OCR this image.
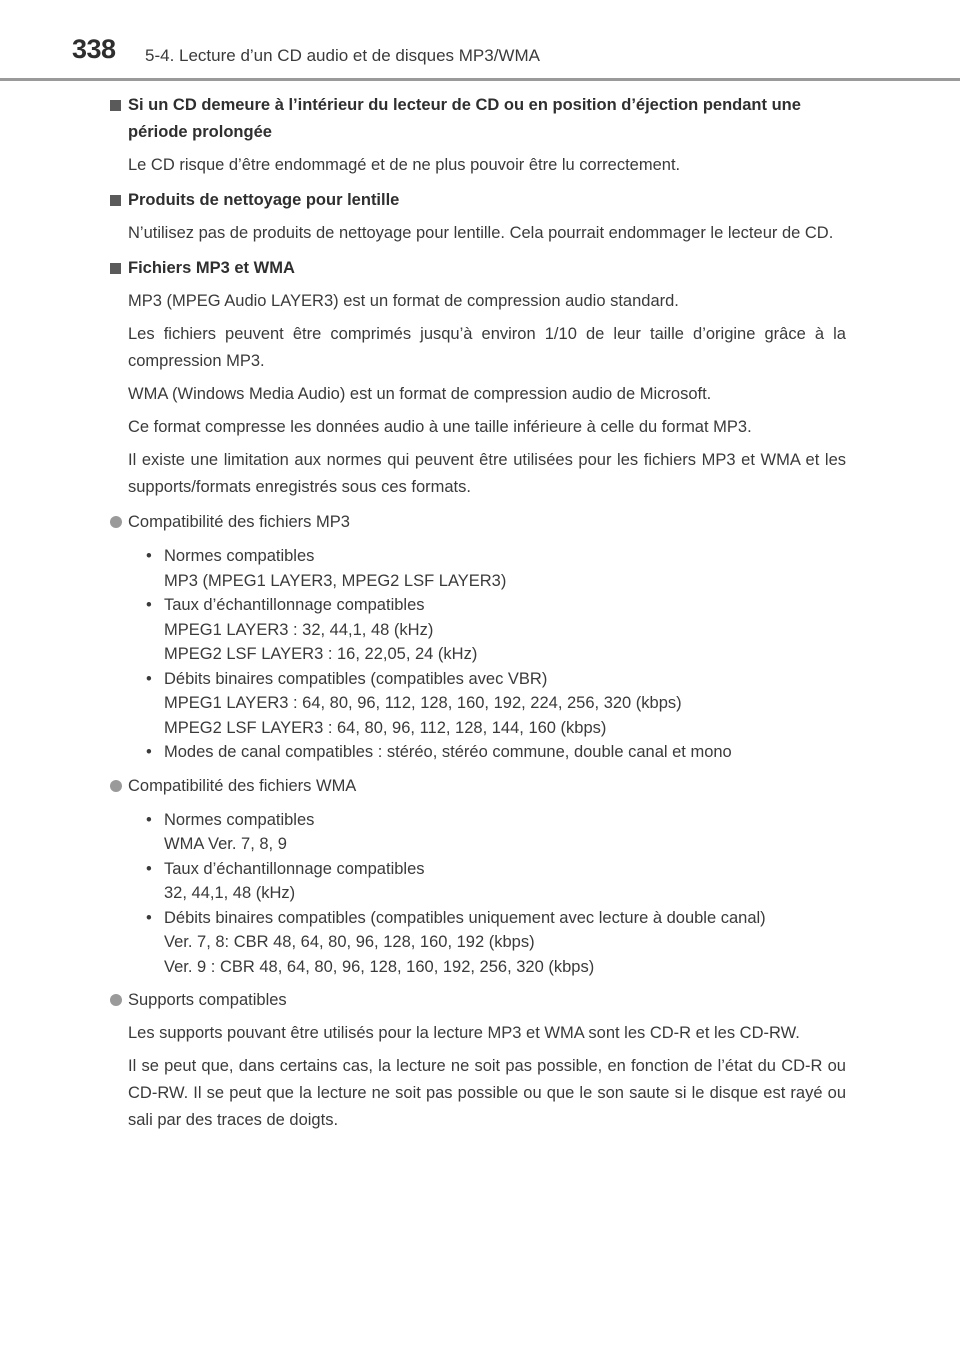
338 5-4. Lecture d’un CD audio et de disques MP3/WMA
Si un CD demeure à l’intérieur du lecteur de CD ou en position d’éjection pendant une période prolongée
Le CD risque d’être endommagé et de ne plus pouvoir être lu correctement.
Produits de nettoyage pour lentille
N’utilisez pas de produits de nettoyage pour lentille. Cela pourrait endommager le lecteur de CD.
Fichiers MP3 et WMA
MP3 (MPEG Audio LAYER3) est un format de compression audio standard.
Les fichiers peuvent être comprimés jusqu’à environ 1/10 de leur taille d’origine grâce à la compression MP3.
WMA (Windows Media Audio) est un format de compression audio de Microsoft.
Ce format compresse les données audio à une taille inférieure à celle du format MP3.
Il existe une limitation aux normes qui peuvent être utilisées pour les fichiers MP3 et WMA et les supports/formats enregistrés sous ces formats.
Compatibilité des fichiers MP3
• Normes compatibles
MP3 (MPEG1 LAYER3, MPEG2 LSF LAYER3)
• Taux d’échantillonnage compatibles
MPEG1 LAYER3 : 32, 44,1, 48 (kHz)
MPEG2 LSF LAYER3 : 16, 22,05, 24 (kHz)
• Débits binaires compatibles (compatibles avec VBR)
MPEG1 LAYER3 : 64, 80, 96, 112, 128, 160, 192, 224, 256, 320 (kbps)
MPEG2 LSF LAYER3 : 64, 80, 96, 112, 128, 144, 160 (kbps)
• Modes de canal compatibles : stéréo, stéréo commune, double canal et mono
Compatibilité des fichiers WMA
• Normes compatibles
WMA Ver. 7, 8, 9
• Taux d’échantillonnage compatibles
32, 44,1, 48 (kHz)
• Débits binaires compatibles (compatibles uniquement avec lecture à double canal)
Ver. 7, 8: CBR 48, 64, 80, 96, 128, 160, 192 (kbps)
Ver. 9 : CBR 48, 64, 80, 96, 128, 160, 192, 256, 320 (kbps)
Supports compatibles
Les supports pouvant être utilisés pour la lecture MP3 et WMA sont les CD-R et les CD-RW.
Il se peut que, dans certains cas, la lecture ne soit pas possible, en fonction de l’état du CD-R ou CD-RW. Il se peut que la lecture ne soit pas possible ou que le son saute si le disque est rayé ou sali par des traces de doigts.
